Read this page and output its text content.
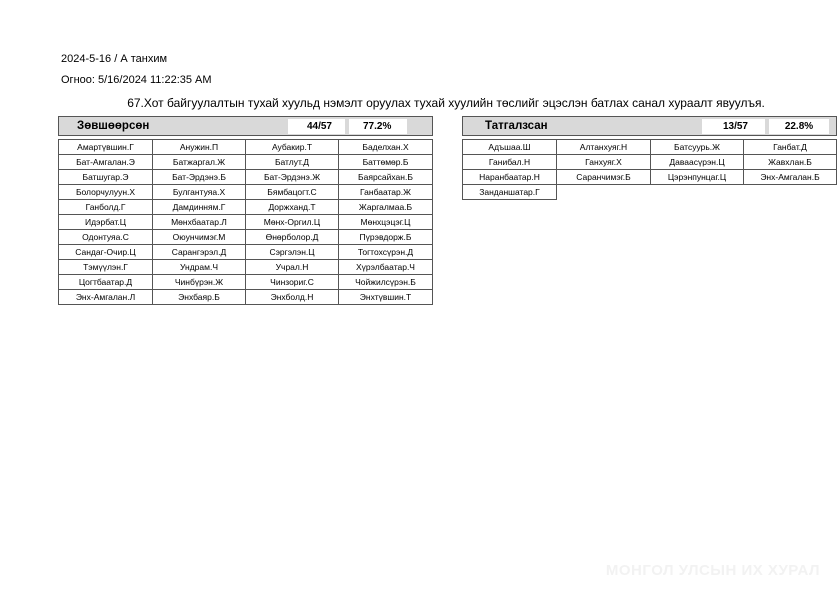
2024-5-16 / А танхим
Огноо: 5/16/2024 11:22:35 AM
67.Хот байгуулалтын тухай хуульд нэмэлт оруулах тухай хуулийн төслийг эцэслэн батлах санал хураалт явуулъя.
Зөвшөөрсөн	44/57	77.2%
Амартүвшин.Г	Анужин.П	Аубакир.Т	Баделхан.Х
Бат-Амгалан.Э	Батжаргал.Ж	Батлут.Д	Баттөмөр.Б
Батшугар.Э	Бат-Эрдэнэ.Б	Бат-Эрдэнэ.Ж	Баярсайхан.Б
Болорчулуун.Х	Булгантуяа.Х	Бямбацогт.С	Ганбаатар.Ж
Ганболд.Г	Дамдинням.Г	Доржханд.Т	Жаргалмаа.Б
Идэрбат.Ц	Мөнхбаатар.Л	Мөнх-Оргил.Ц	Мөнхцэцэг.Ц
Одонтуяа.С	Оюунчимэг.М	Өнөрболор.Д	Пүрэвдорж.Б
Сандаг-Очир.Ц	Сарангэрэл.Д	Сэргэлэн.Ц	Тогтохсүрэн.Д
Тэмүүлэн.Г	Ундрам.Ч	Учрал.Н	Хүрэлбаатар.Ч
Цогтбаатар.Д	Чинбүрэн.Ж	Чинзориг.С	Чойжилсүрэн.Б
Энх-Амгалан.Л	Энхбаяр.Б	Энхболд.Н	Энхтүвшин.Т
Татгалзсан	13/57	22.8%
Адъшаа.Ш	Алтанхуяг.Н	Батсуурь.Ж	Ганбат.Д
Ганибал.Н	Ганхуяг.Х	Даваасүрэн.Ц	Жавхлан.Б
Наранбаатар.Н	Саранчимэг.Б	Цэрэнпунцаг.Ц	Энх-Амгалан.Б
Занданшатар.Г			
МОНГОЛ УЛСЫН ИХ ХУРАЛ
